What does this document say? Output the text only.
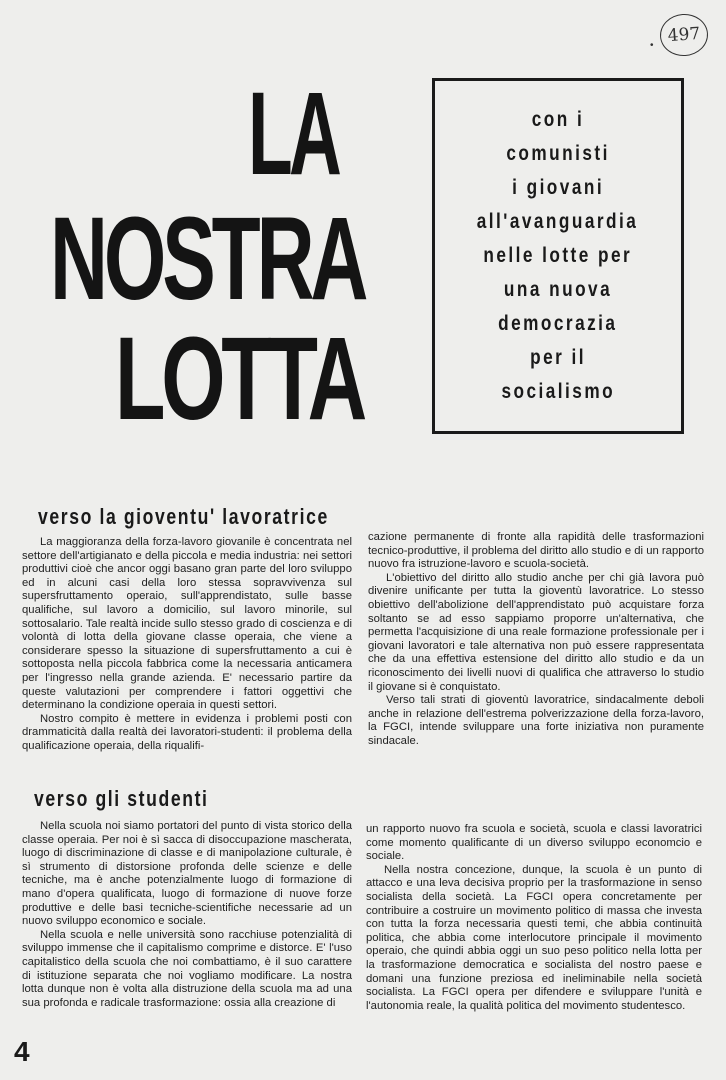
• 497
LA
NOSTRA
LOTTA
con i
comunisti
i giovani
all'avanguardia
nelle lotte per
una nuova
democrazia
per il
socialismo
verso la gioventu' lavoratrice

La maggioranza della forza-lavoro giovanile è concentrata nel settore dell'artigianato e della piccola e media industria: nei settori produttivi cioè che ancor oggi basano gran parte del loro sviluppo ed in alcuni casi della loro stessa sopravvivenza sul supersfruttamento operaio, sull'apprendistato, sulle basse qualifiche, sul lavoro a domicilio, sul lavoro minorile, sul sottosalario. Tale realtà incide sullo stesso grado di coscienza e di volontà di lotta della giovane classe operaia, che viene a considerare spesso la situazione di supersfruttamento a cui è sottoposta nella piccola fabbrica come la necessaria anticamera per l'ingresso nella grande azienda. E' necessario partire da queste valutazioni per comprendere i fattori oggettivi che determinano la condizione operaia in questi settori.

Nostro compito è mettere in evidenza i problemi posti con drammaticità dalla realtà dei lavoratori-studenti: il problema della qualificazione operaia, della riqualifi-

cazione permanente di fronte alla rapidità delle trasformazioni tecnico-produttive, il problema del diritto allo studio e di un rapporto nuovo fra istruzione-lavoro e scuola-società.

L'obiettivo del diritto allo studio anche per chi già lavora può divenire unificante per tutta la gioventù lavoratrice. Lo stesso obiettivo dell'abolizione dell'apprendistato può acquistare forza soltanto se ad esso sappiamo proporre un'alternativa, che permetta l'acquisizione di una reale formazione professionale per i giovani lavoratori e tale alternativa non può essere rappresentata che da una effettiva estensione del diritto allo studio e da un riconoscimento dei livelli nuovi di qualifica che attraverso lo studio il giovane si è conquistato.

Verso tali strati di gioventù lavoratrice, sindacalmente deboli anche in relazione dell'estrema polverizzazione della forza-lavoro, la FGCI, intende sviluppare una forte iniziativa non puramente sindacale.

verso gli studenti

Nella scuola noi siamo portatori del punto di vista storico della classe operaia. Per noi è sì sacca di disoccupazione mascherata, luogo di discriminazione di classe e di manipolazione culturale, è sì strumento di distorsione profonda delle scienze e delle tecniche, ma è anche potenzialmente luogo di formazione di mano d'opera qualificata, luogo di formazione di nuove forze produttive e delle basi tecniche-scientifiche necessarie ad un nuovo sviluppo economico e sociale.

Nella scuola e nelle università sono racchiuse potenzialità di sviluppo immense che il capitalismo comprime e distorce. E' l'uso capitalistico della scuola che noi combattiamo, è il suo carattere di istituzione separata che noi vogliamo modificare. La nostra lotta dunque non è volta alla distruzione della scuola ma ad una sua profonda e radicale trasformazione: ossia alla creazione di

un rapporto nuovo fra scuola e società, scuola e classi lavoratrici come momento qualificante di un diverso sviluppo economcio e sociale.

Nella nostra concezione, dunque, la scuola è un punto di attacco e una leva decisiva proprio per la trasformazione in senso socialista della società. La FGCI opera concretamente per contribuire a costruire un movimento politico di massa che investa con tutta la forza necessaria questi temi, che abbia continuità politica, che abbia come interlocutore principale il movimento operaio, che quindi abbia oggi un suo peso politico nella lotta per la trasformazione democratica e socialista del nostro paese e domani una funzione preziosa ed ineliminabile nella società socialista. La FGCI opera per difendere e sviluppare l'unità e l'autonomia reale, la qualità politica del movimento studentesco.

4
